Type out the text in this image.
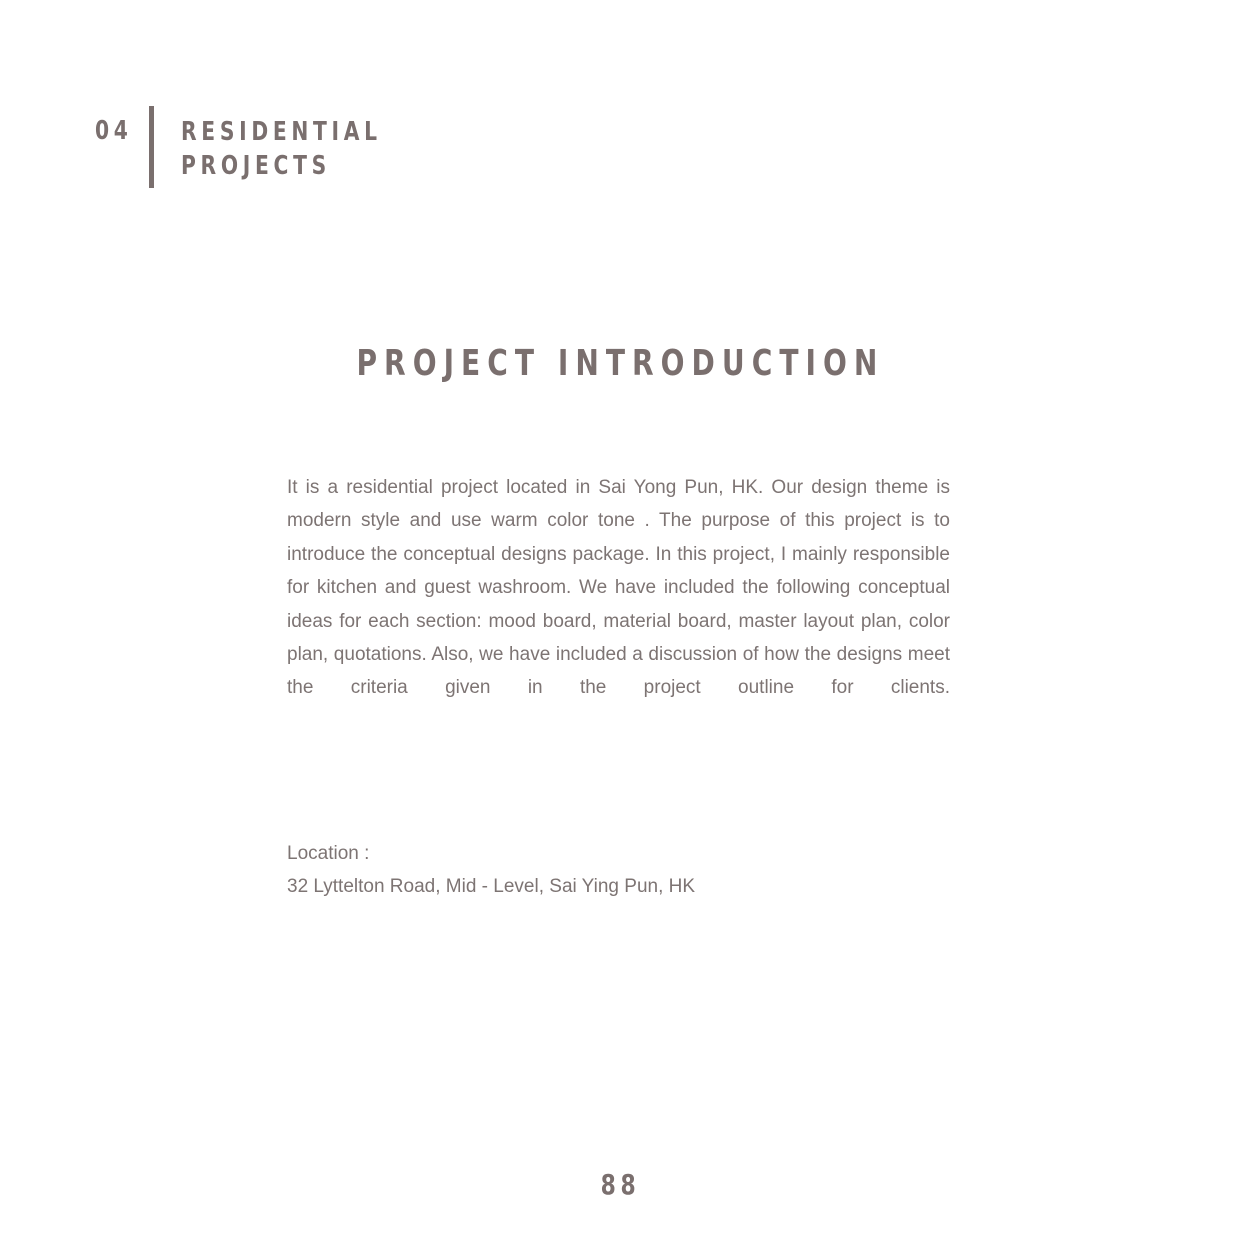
04 RESIDENTIAL
PROJECTS
PROJECT INTRODUCTION

It is a residential project located in Sai Yong Pun, HK. Our design theme is modern style and use warm color tone . The purpose of this project is to introduce the conceptual designs package. In this project, I mainly responsible for kitchen and guest washroom. We have included the following conceptual ideas for each section: mood board, material board, master layout plan, color plan, quotations. Also, we have included a discussion of how the designs meet the criteria given in the project outline for clients.

Location :
32 Lyttelton Road, Mid - Level, Sai Ying Pun, HK
88
